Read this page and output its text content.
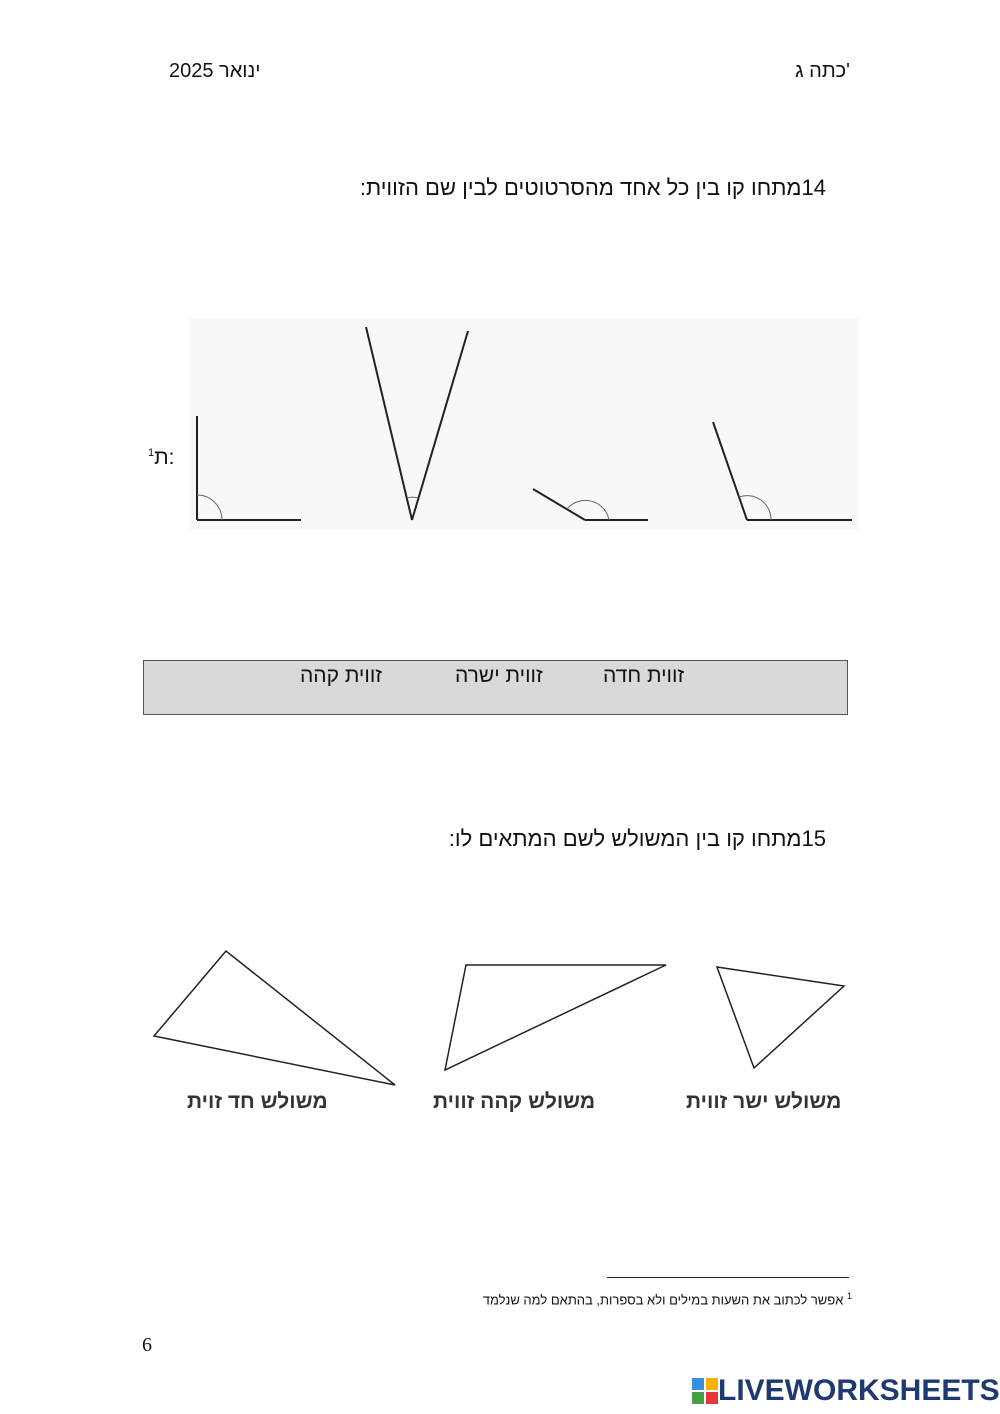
כתה ג'
ינואר 2025
14מתחו קו בין כל אחד מהסרטוטים לבין שם הזווית:
$^1$ת:
זווית חדה
זווית ישרה
זווית קהה
15מתחו קו בין המשולש לשם המתאים לו:
משולש ישר זווית
משולש קהה זווית
משולש חד זוית
$^1$ אפשר לכתוב את השעות במילים ולא בספרות, בהתאם למה שנלמד
6
LIVEWORKSHEETS
